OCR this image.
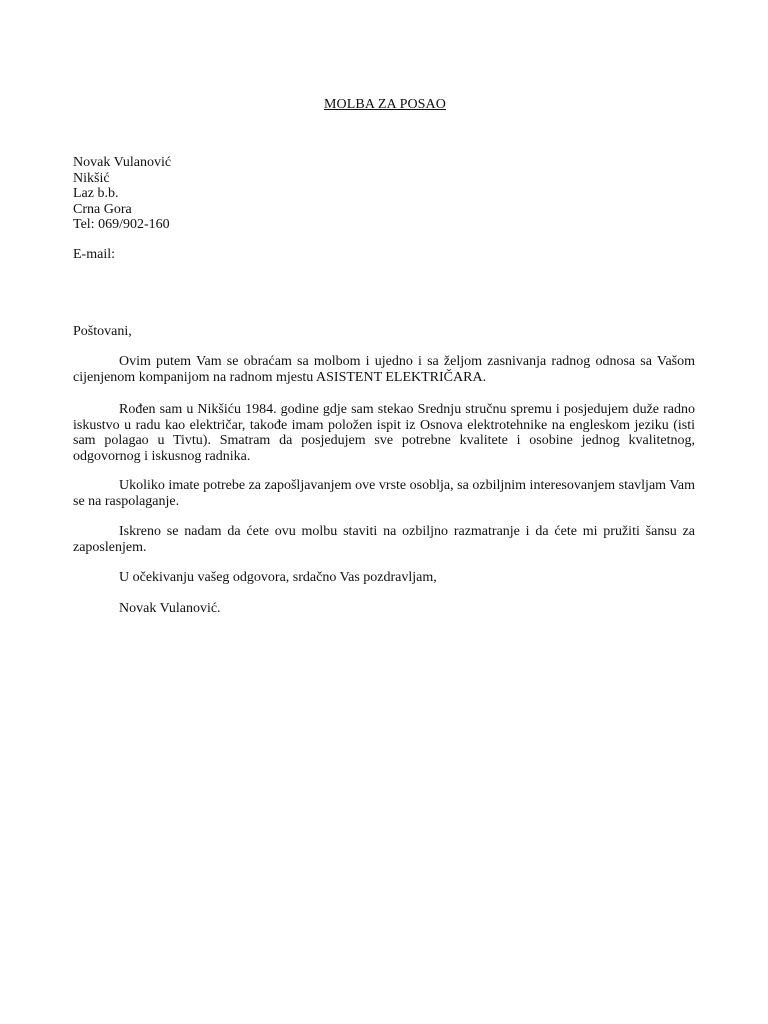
MOLBA ZA POSAO
Novak Vulanović
Nikšić
Laz b.b.
Crna Gora
Tel: 069/902-160
E-mail:
Poštovani,

Ovim putem Vam se obraćam sa molbom i ujedno i sa željom zasnivanja radnog odnosa sa Vašom cijenjenom kompanijom na radnom mjestu ASISTENT ELEKTRIČARA.

Rođen sam u Nikšiću 1984. godine gdje sam stekao Srednju stručnu spremu i posjedujem duže radno iskustvo u radu kao električar, takođe imam položen ispit iz Osnova elektrotehnike na engleskom jeziku (isti sam polagao u Tivtu). Smatram da posjedujem sve potrebne kvalitete i osobine jednog kvalitetnog, odgovornog i iskusnog radnika.

Ukoliko imate potrebe za zapošljavanjem ove vrste osoblja, sa ozbiljnim interesovanjem stavljam Vam se na raspolaganje.

Iskreno se nadam da ćete ovu molbu staviti na ozbiljno razmatranje i da ćete mi pružiti šansu za zaposlenjem.

U očekivanju vašeg odgovora, srdačno Vas pozdravljam,

Novak Vulanović.
